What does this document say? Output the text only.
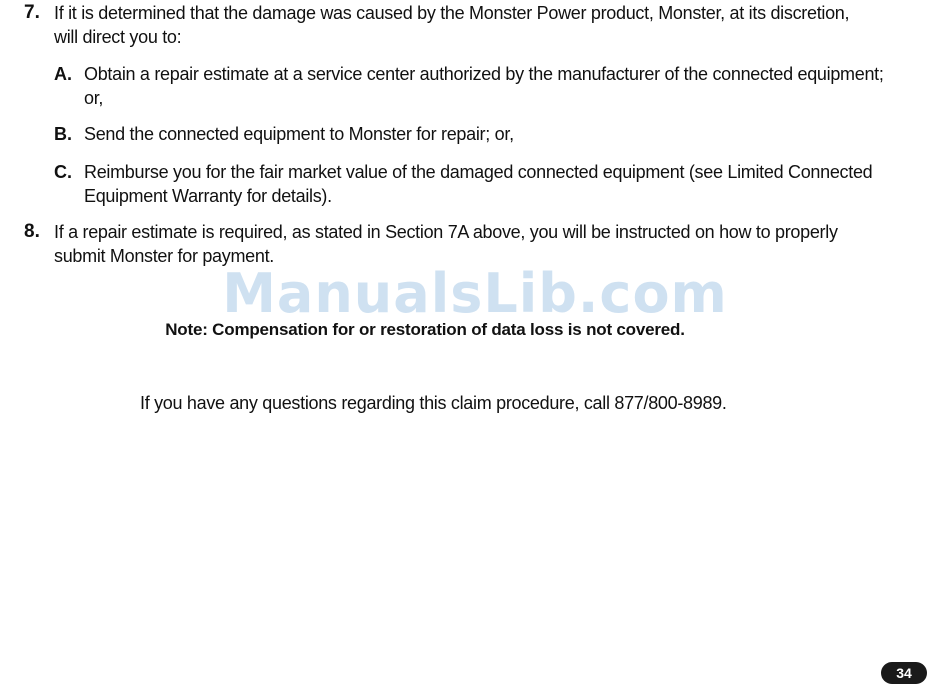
7. If it is determined that the damage was caused by the Monster Power product, Monster, at its discretion,
will direct you to:
A. Obtain a repair estimate at a service center authorized by the manufacturer of the connected equipment;
or,
B. Send the connected equipment to Monster for repair; or,
C. Reimburse you for the fair market value of the damaged connected equipment (see Limited Connected
Equipment Warranty for details).
8. If a repair estimate is required, as stated in Section 7A above, you will be instructed on how to properly
submit Monster for payment.
ManualsLib.com
Note: Compensation for or restoration of data loss is not covered.
If you have any questions regarding this claim procedure, call 877/800-8989.
34
